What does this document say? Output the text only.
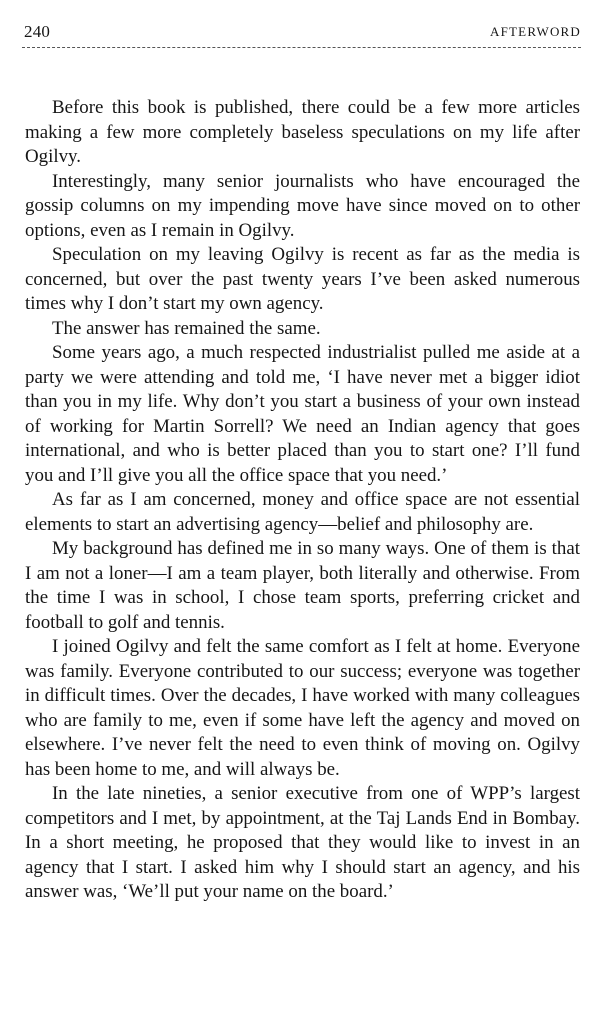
240	AFTERWORD

Before this book is published, there could be a few more articles making a few more completely baseless speculations on my life after Ogilvy.

Interestingly, many senior journalists who have encouraged the gossip columns on my impending move have since moved on to other options, even as I remain in Ogilvy.

Speculation on my leaving Ogilvy is recent as far as the media is concerned, but over the past twenty years I’ve been asked numerous times why I don’t start my own agency.

The answer has remained the same.

Some years ago, a much respected industrialist pulled me aside at a party we were attending and told me, ‘I have never met a bigger idiot than you in my life. Why don’t you start a business of your own instead of working for Martin Sorrell? We need an Indian agency that goes international, and who is better placed than you to start one? I’ll fund you and I’ll give you all the office space that you need.’

As far as I am concerned, money and office space are not essential elements to start an advertising agency—belief and philosophy are.

My background has defined me in so many ways. One of them is that I am not a loner—I am a team player, both literally and otherwise. From the time I was in school, I chose team sports, preferring cricket and football to golf and tennis.

I joined Ogilvy and felt the same comfort as I felt at home. Everyone was family. Everyone contributed to our success; everyone was together in difficult times. Over the decades, I have worked with many colleagues who are family to me, even if some have left the agency and moved on elsewhere. I’ve never felt the need to even think of moving on. Ogilvy has been home to me, and will always be.

In the late nineties, a senior executive from one of WPP’s largest competitors and I met, by appointment, at the Taj Lands End in Bombay. In a short meeting, he proposed that they would like to invest in an agency that I start. I asked him why I should start an agency, and his answer was, ‘We’ll put your name on the board.’
